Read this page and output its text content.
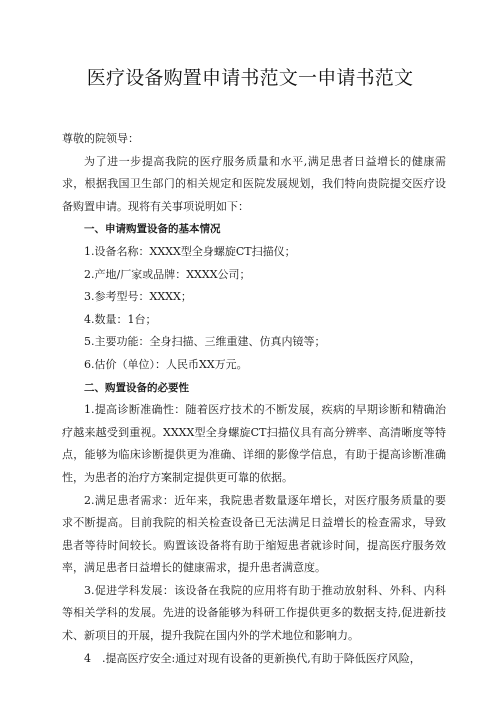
医疗设备购置申请书范文一申请书范文

尊敬的院领导：

为了进一步提高我院的医疗服务质量和水平,满足患者日益增长的健康需求，根据我国卫生部门的相关规定和医院发展规划，我们特向贵院提交医疗设备购置申请。现将有关事项说明如下：

一、申请购置设备的基本情况

1.设备名称：XXXX型全身螺旋CT扫描仪；

2.产地/厂家或品牌：XXXX公司；

3.参考型号：XXXX；

4.数量：1台；

5.主要功能：全身扫描、三维重建、仿真内镜等；

6.估价（单位）：人民币XX万元。

二、购置设备的必要性

1.提高诊断准确性：随着医疗技术的不断发展，疾病的早期诊断和精确治疗越来越受到重视。XXXX型全身螺旋CT扫描仪具有高分辨率、高清晰度等特点，能够为临床诊断提供更为准确、详细的影像学信息，有助于提高诊断准确性，为患者的治疗方案制定提供更可靠的依据。

2.满足患者需求：近年来，我院患者数量逐年增长，对医疗服务质量的要求不断提高。目前我院的相关检查设备已无法满足日益增长的检查需求，导致患者等待时间较长。购置该设备将有助于缩短患者就诊时间，提高医疗服务效率，满足患者日益增长的健康需求，提升患者满意度。

3.促进学科发展：该设备在我院的应用将有助于推动放射科、外科、内科等相关学科的发展。先进的设备能够为科研工作提供更多的数据支持,促进新技术、新项目的开展，提升我院在国内外的学术地位和影响力。

4　.提高医疗安全:通过对现有设备的更新换代,有助于降低医疗风险，
